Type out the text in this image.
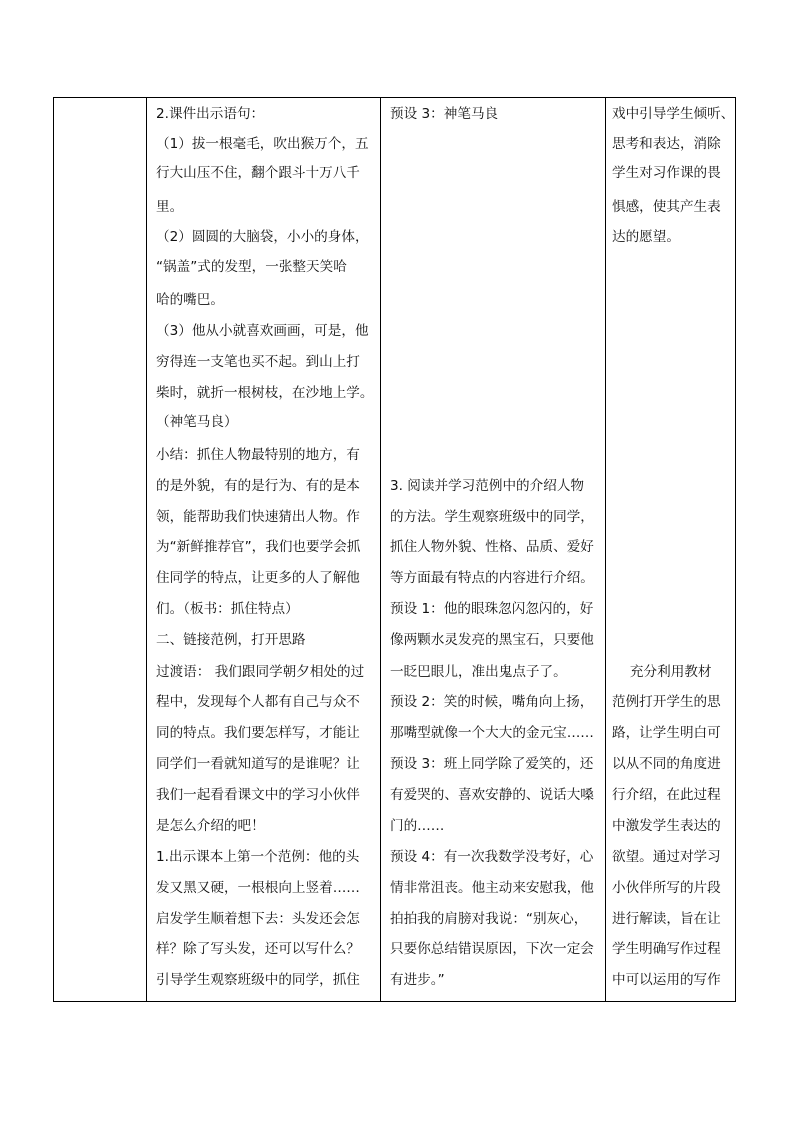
2.课件出示语句：
（1）拔一根毫毛，吹出猴万个，五
行大山压不住，翻个跟斗十万八千
里。
（2）圆圆的大脑袋，小小的身体，
“锅盖”式的发型，一张整天笑哈
哈的嘴巴。
（3）他从小就喜欢画画，可是，他
穷得连一支笔也买不起。到山上打
柴时，就折一根树枝，在沙地上学。
（神笔马良）
小结：抓住人物最特别的地方，有
的是外貌，有的是行为、有的是本
领，能帮助我们快速猜出人物。作
为“新鲜推荐官”，我们也要学会抓
住同学的特点，让更多的人了解他
们。（板书：抓住特点）
二、链接范例，打开思路
过渡语： 我们跟同学朝夕相处的过
程中，发现每个人都有自己与众不
同的特点。我们要怎样写，才能让
同学们一看就知道写的是谁呢？让
我们一起看看课文中的学习小伙伴
是怎么介绍的吧！
1.出示课本上第一个范例：他的头
发又黑又硬，一根根向上竖着……
启发学生顺着想下去：头发还会怎
样？除了写头发，还可以写什么？
引导学生观察班级中的同学，抓住

预设 3：神笔马良
3. 阅读并学习范例中的介绍人物
的方法。学生观察班级中的同学，
抓住人物外貌、性格、品质、爱好
等方面最有特点的内容进行介绍。
预设 1：他的眼珠忽闪忽闪的，好
像两颗水灵发亮的黑宝石，只要他
一眨巴眼儿，准出鬼点子了。
预设 2：笑的时候，嘴角向上扬，
那嘴型就像一个大大的金元宝……
预设 3：班上同学除了爱笑的，还
有爱哭的、喜欢安静的、说话大嗓
门的……
预设 4：有一次我数学没考好，心
情非常沮丧。他主动来安慰我，他
拍拍我的肩膀对我说：“别灰心，
只要你总结错误原因，下次一定会
有进步。”

戏中引导学生倾听、
思考和表达，消除
学生对习作课的畏
惧感，使其产生表
达的愿望。
　 充分利用教材
范例打开学生的思
路，让学生明白可
以从不同的角度进
行介绍，在此过程
中激发学生表达的
欲望。通过对学习
小伙伴所写的片段
进行解读，旨在让
学生明确写作过程
中可以运用的写作
